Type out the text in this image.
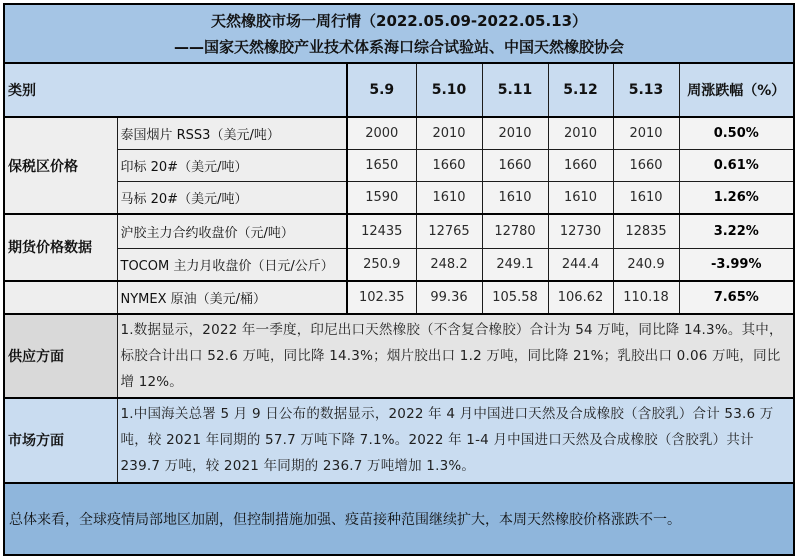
天然橡胶市场一周行情（2022.05.09-2022.05.13）
——国家天然橡胶产业技术体系海口综合试验站、中国天然橡胶协会							

类别		5.9	5.10	5.11	5.12	5.13	周涨跌幅（%）
保税区价格	泰国烟片 RSS3（美元/吨）	2000	2010	2010	2010	2010	0.50%
	印标 20#（美元/吨）	1650	1660	1660	1660	1660	0.61%
	马标 20#（美元/吨）	1590	1610	1610	1610	1610	1.26%
期货价格数据	沪胶主力合约收盘价（元/吨）	12435	12765	12780	12730	12835	3.22%
	TOCOM 主力月收盘价（日元/公斤）	250.9	248.2	249.1	244.4	240.9	-3.99%
	NYMEX 原油（美元/桶）	102.35	99.36	105.58	106.62	110.18	7.65%
供应方面	1.数据显示，2022 年一季度，印尼出口天然橡胶（不含复合橡胶）合计为 54 万吨，同比降 14.3%。其中，标胶合计出口 52.6 万吨，同比降 14.3%；烟片胶出口 1.2 万吨，同比降 21%；乳胶出口 0.06 万吨，同比增 12%。						
市场方面	1.中国海关总署 5 月 9 日公布的数据显示，2022 年 4 月中国进口天然及合成橡胶（含胶乳）合计 53.6 万吨，较 2021 年同期的 57.7 万吨下降 7.1%。2022 年 1-4 月中国进口天然及合成橡胶（含胶乳）共计 239.7 万吨，较 2021 年同期的 236.7 万吨增加 1.3%。						
总体来看，全球疫情局部地区加剧，但控制措施加强、疫苗接种范围继续扩大，本周天然橡胶价格涨跌不一。							
